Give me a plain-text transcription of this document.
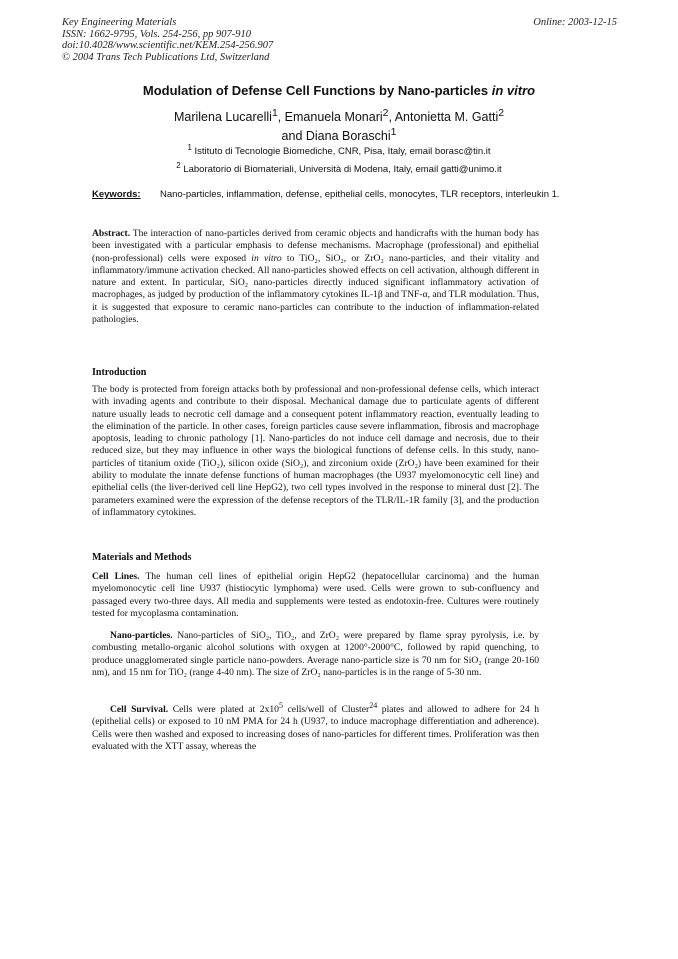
Key Engineering Materials
ISSN: 1662-9795, Vols. 254-256, pp 907-910
doi:10.4028/www.scientific.net/KEM.254-256.907
© 2004 Trans Tech Publications Ltd, Switzerland
Online: 2003-12-15
Modulation of Defense Cell Functions by Nano-particles in vitro
Marilena Lucarelli$^1$, Emanuela Monari$^2$, Antonietta M. Gatti$^2$
and Diana Boraschi$^1$
$^1$ Istituto di Tecnologie Biomediche, CNR, Pisa, Italy, email borasc@tin.it
$^2$ Laboratorio di Biomateriali, Università di Modena, Italy, email gatti@unimo.it
Keywords: Nano-particles, inflammation, defense, epithelial cells, monocytes, TLR receptors, interleukin 1.
Abstract. The interaction of nano-particles derived from ceramic objects and handicrafts with the human body has been investigated with a particular emphasis to defense mechanisms. Macrophage (professional) and epithelial (non-professional) cells were exposed in vitro to TiO₂, SiO₂, or ZrO₂ nano-particles, and their vitality and inflammatory/immune activation checked. All nano-particles showed effects on cell activation, although different in nature and extent. In particular, SiO₂ nano-particles directly induced significant inflammatory activation of macrophages, as judged by production of the inflammatory cytokines IL-1β and TNF-α, and TLR modulation. Thus, it is suggested that exposure to ceramic nano-particles can contribute to the induction of inflammation-related pathologies.
Introduction
The body is protected from foreign attacks both by professional and non-professional defense cells, which interact with invading agents and contribute to their disposal. Mechanical damage due to particulate agents of different nature usually leads to necrotic cell damage and a consequent potent inflammatory reaction, eventually leading to the elimination of the particle. In other cases, foreign particles cause severe inflammation, fibrosis and macrophage apoptosis, leading to chronic pathology [1]. Nano-particles do not induce cell damage and necrosis, due to their reduced size, but they may influence in other ways the biological functions of defense cells. In this study, nano-particles of titanium oxide (TiO₂), silicon oxide (SiO₂), and zirconium oxide (ZrO₂) have been examined for their ability to modulate the innate defense functions of human macrophages (the U937 myelomonocytic cell line) and epithelial cells (the liver-derived cell line HepG2), two cell types involved in the response to mineral dust [2]. The parameters examined were the expression of the defense receptors of the TLR/IL-1R family [3], and the production of inflammatory cytokines.
Materials and Methods
Cell Lines. The human cell lines of epithelial origin HepG2 (hepatocellular carcinoma) and the human myelomonocytic cell line U937 (histiocytic lymphoma) were used. Cells were grown to sub-confluency and passaged every two-three days. All media and supplements were tested as endotoxin-free. Cultures were routinely tested for mycoplasma contamination.
Nano-particles. Nano-particles of SiO₂, TiO₂, and ZrO₂ were prepared by flame spray pyrolysis, i.e. by combusting metallo-organic alcohol solutions with oxygen at 1200°-2000°C, followed by rapid quenching, to produce unagglomerated single particle nano-powders. Average nano-particle size is 70 nm for SiO₂ (range 20-160 nm), and 15 nm for TiO₂ (range 4-40 nm). The size of ZrO₂ nano-particles is in the range of 5-30 nm.
Cell Survival. Cells were plated at $2x10^5$ cells/well of Cluster$^{24}$ plates and allowed to adhere for 24 h (epithelial cells) or exposed to 10 nM PMA for 24 h (U937, to induce macrophage differentiation and adherence). Cells were then washed and exposed to increasing doses of nano-particles for different times. Proliferation was then evaluated with the XTT assay, whereas the
